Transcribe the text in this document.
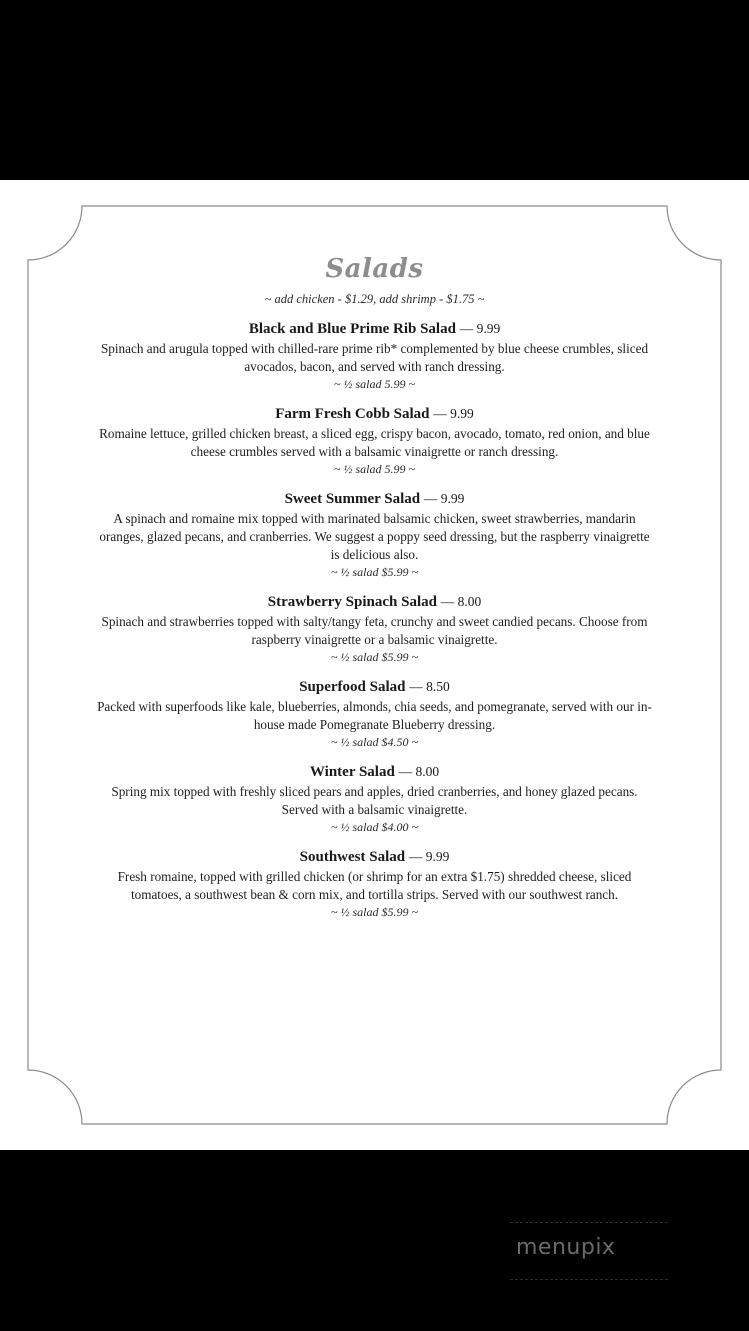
Salads

~ add chicken - $1.29, add shrimp - $1.75 ~

Black and Blue Prime Rib Salad — 9.99

Spinach and arugula topped with chilled-rare prime rib* complemented by blue cheese crumbles, sliced avocados, bacon, and served with ranch dressing.

~ ½ salad 5.99 ~

Farm Fresh Cobb Salad — 9.99

Romaine lettuce, grilled chicken breast, a sliced egg, crispy bacon, avocado, tomato, red onion, and blue cheese crumbles served with a balsamic vinaigrette or ranch dressing.

~ ½ salad 5.99 ~

Sweet Summer Salad — 9.99

A spinach and romaine mix topped with marinated balsamic chicken, sweet strawberries, mandarin oranges, glazed pecans, and cranberries. We suggest a poppy seed dressing, but the raspberry vinaigrette is delicious also.

~ ½ salad $5.99 ~

Strawberry Spinach Salad — 8.00

Spinach and strawberries topped with salty/tangy feta, crunchy and sweet candied pecans. Choose from raspberry vinaigrette or a balsamic vinaigrette.

~ ½ salad $5.99 ~

Superfood Salad — 8.50

Packed with superfoods like kale, blueberries, almonds, chia seeds, and pomegranate, served with our in-house made Pomegranate Blueberry dressing.

~ ½ salad $4.50 ~

Winter Salad — 8.00

Spring mix topped with freshly sliced pears and apples, dried cranberries, and honey glazed pecans. Served with a balsamic vinaigrette.

~ ½ salad $4.00 ~

Southwest Salad — 9.99

Fresh romaine, topped with grilled chicken (or shrimp for an extra $1.75) shredded cheese, sliced tomatoes, a southwest bean & corn mix, and tortilla strips. Served with our southwest ranch.

~ ½ salad $5.99 ~

menupix
